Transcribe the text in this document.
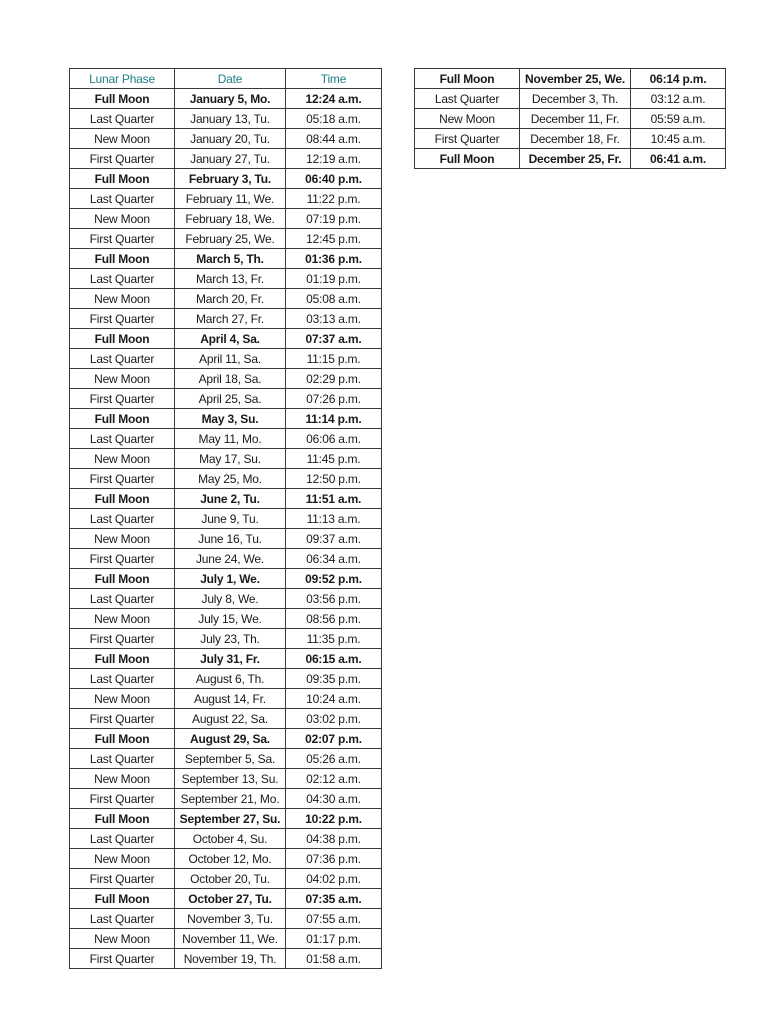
Lunar Phase	Date	Time
Full Moon	January 5, Mo.	12:24 a.m.
Last Quarter	January 13, Tu.	05:18 a.m.
New Moon	January 20, Tu.	08:44 a.m.
First Quarter	January 27, Tu.	12:19 a.m.
Full Moon	February 3, Tu.	06:40 p.m.
Last Quarter	February 11, We.	11:22 p.m.
New Moon	February 18, We.	07:19 p.m.
First Quarter	February 25, We.	12:45 p.m.
Full Moon	March 5, Th.	01:36 p.m.
Last Quarter	March 13, Fr.	01:19 p.m.
New Moon	March 20, Fr.	05:08 a.m.
First Quarter	March 27, Fr.	03:13 a.m.
Full Moon	April 4, Sa.	07:37 a.m.
Last Quarter	April 11, Sa.	11:15 p.m.
New Moon	April 18, Sa.	02:29 p.m.
First Quarter	April 25, Sa.	07:26 p.m.
Full Moon	May 3, Su.	11:14 p.m.
Last Quarter	May 11, Mo.	06:06 a.m.
New Moon	May 17, Su.	11:45 p.m.
First Quarter	May 25, Mo.	12:50 p.m.
Full Moon	June 2, Tu.	11:51 a.m.
Last Quarter	June 9, Tu.	11:13 a.m.
New Moon	June 16, Tu.	09:37 a.m.
First Quarter	June 24, We.	06:34 a.m.
Full Moon	July 1, We.	09:52 p.m.
Last Quarter	July 8, We.	03:56 p.m.
New Moon	July 15, We.	08:56 p.m.
First Quarter	July 23, Th.	11:35 p.m.
Full Moon	July 31, Fr.	06:15 a.m.
Last Quarter	August 6, Th.	09:35 p.m.
New Moon	August 14, Fr.	10:24 a.m.
First Quarter	August 22, Sa.	03:02 p.m.
Full Moon	August 29, Sa.	02:07 p.m.
Last Quarter	September 5, Sa.	05:26 a.m.
New Moon	September 13, Su.	02:12 a.m.
First Quarter	September 21, Mo.	04:30 a.m.
Full Moon	September 27, Su.	10:22 p.m.
Last Quarter	October 4, Su.	04:38 p.m.
New Moon	October 12, Mo.	07:36 p.m.
First Quarter	October 20, Tu.	04:02 p.m.
Full Moon	October 27, Tu.	07:35 a.m.
Last Quarter	November 3, Tu.	07:55 a.m.
New Moon	November 11, We.	01:17 p.m.
First Quarter	November 19, Th.	01:58 a.m.
Full Moon	November 25, We.	06:14 p.m.
Last Quarter	December 3, Th.	03:12 a.m.
New Moon	December 11, Fr.	05:59 a.m.
First Quarter	December 18, Fr.	10:45 a.m.
Full Moon	December 25, Fr.	06:41 a.m.
